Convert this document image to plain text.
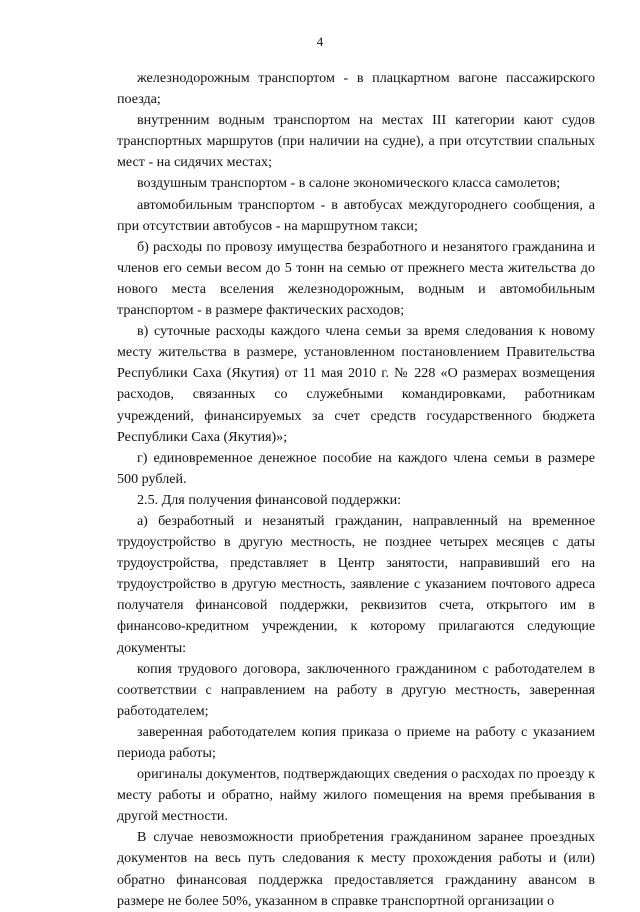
4

железнодорожным транспортом - в плацкартном вагоне пассажирского поезда;

внутренним водным транспортом на местах III категории кают судов транспортных маршрутов (при наличии на судне), а при отсутствии спальных мест - на сидячих местах;

воздушным транспортом - в салоне экономического класса самолетов;

автомобильным транспортом - в автобусах междугороднего сообщения, а при отсутствии автобусов - на маршрутном такси;

б) расходы по провозу имущества безработного и незанятого гражданина и членов его семьи весом до 5 тонн на семью от прежнего места жительства до нового места вселения железнодорожным, водным и автомобильным транспортом - в размере фактических расходов;

в) суточные расходы каждого члена семьи за время следования к новому месту жительства в размере, установленном постановлением Правительства Республики Саха (Якутия) от 11 мая 2010 г. № 228 «О размерах возмещения расходов, связанных со служебными командировками, работникам учреждений, финансируемых за счет средств государственного бюджета Республики Саха (Якутия)»;

г) единовременное денежное пособие на каждого члена семьи в размере 500 рублей.

2.5. Для получения финансовой поддержки:

а) безработный и незанятый гражданин, направленный на временное трудоустройство в другую местность, не позднее четырех месяцев с даты трудоустройства, представляет в Центр занятости, направивший его на трудоустройство в другую местность, заявление с указанием почтового адреса получателя финансовой поддержки, реквизитов счета, открытого им в финансово-кредитном учреждении, к которому прилагаются следующие документы:

копия трудового договора, заключенного гражданином с работодателем в соответствии с направлением на работу в другую местность, заверенная работодателем;

заверенная работодателем копия приказа о приеме на работу с указанием периода работы;

оригиналы документов, подтверждающих сведения о расходах по проезду к месту работы и обратно, найму жилого помещения на время пребывания в другой местности.

В случае невозможности приобретения гражданином заранее проездных документов на весь путь следования к месту прохождения работы и (или) обратно финансовая поддержка предоставляется гражданину авансом в размере не более 50%, указанном в справке транспортной организации о
